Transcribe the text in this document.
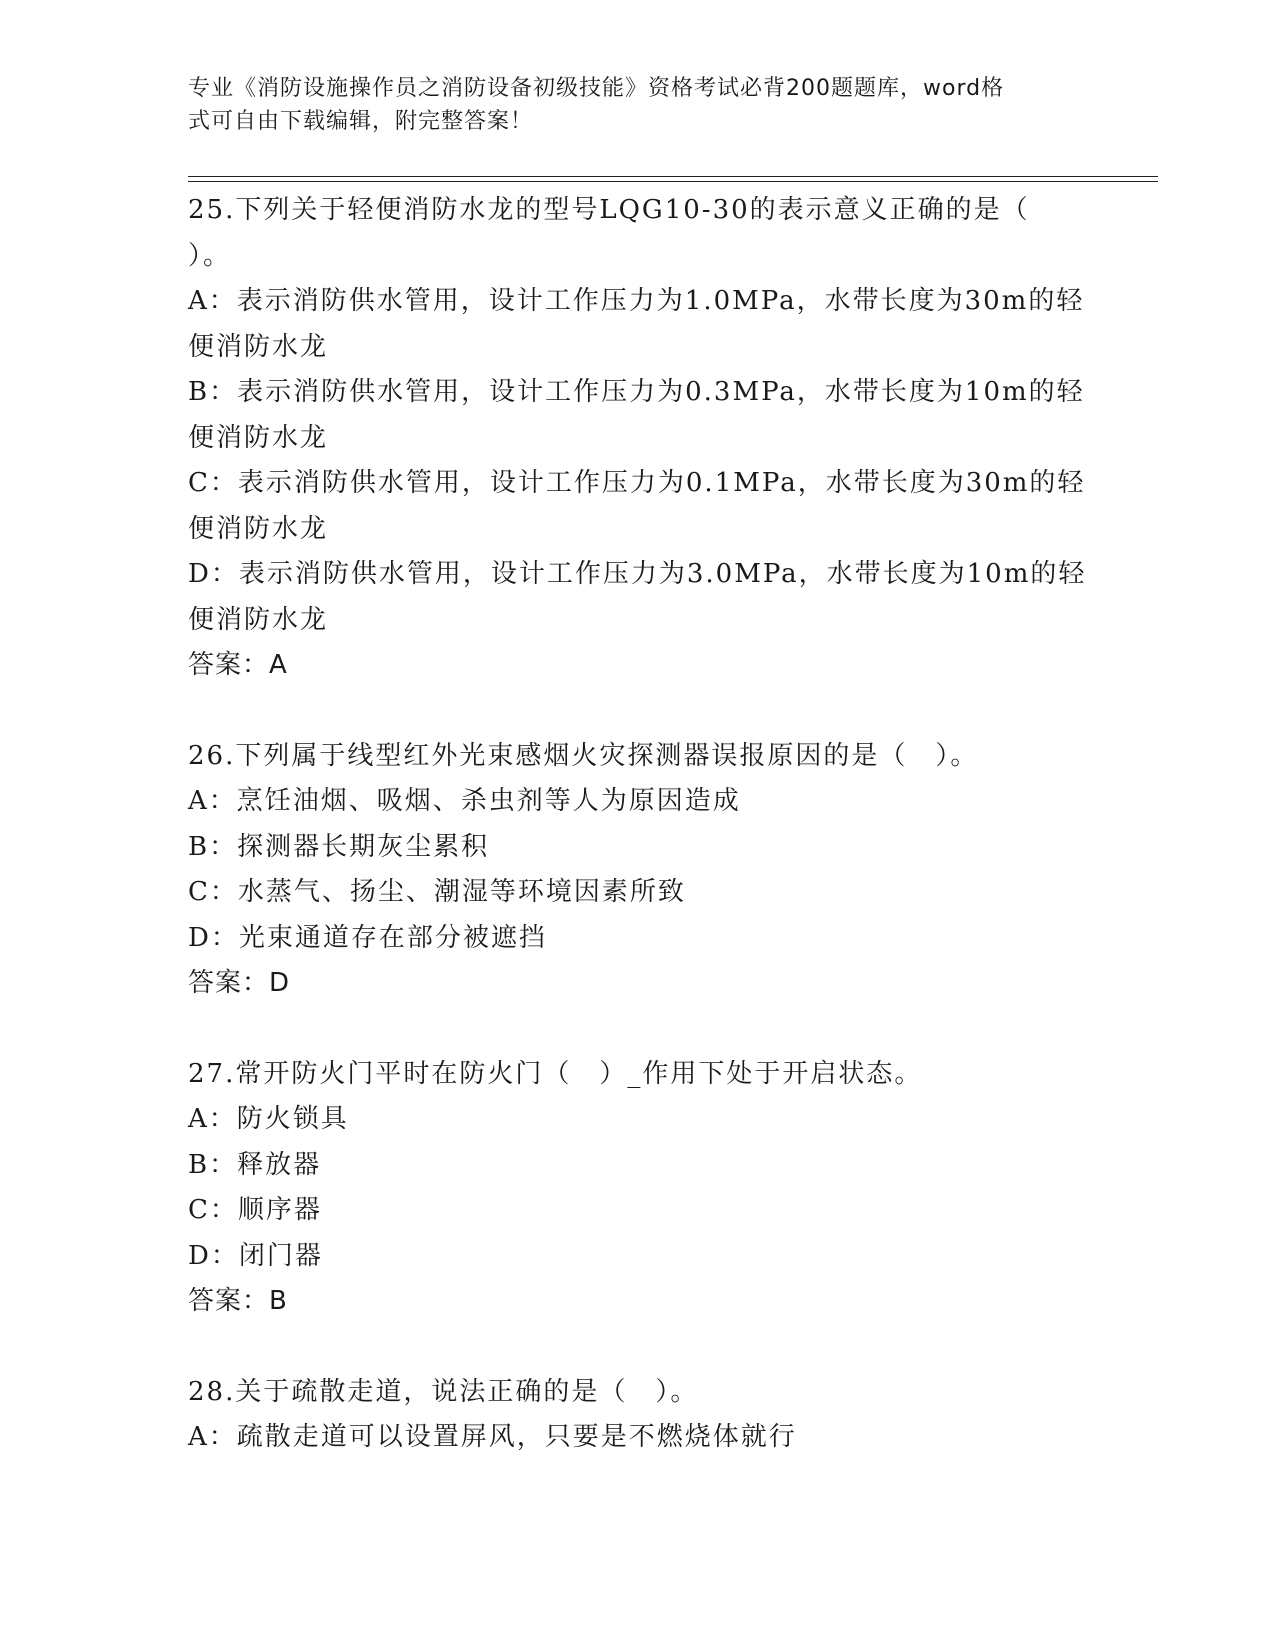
专业《消防设施操作员之消防设备初级技能》资格考试必背200题题库，word格
式可自由下载编辑，附完整答案！
25.下列关于轻便消防水龙的型号LQG10-30的表示意义正确的是（
）。
A：表示消防供水管用，设计工作压力为1.0MPa，水带长度为30m的轻
便消防水龙
B：表示消防供水管用，设计工作压力为0.3MPa，水带长度为10m的轻
便消防水龙
C：表示消防供水管用，设计工作压力为0.1MPa，水带长度为30m的轻
便消防水龙
D：表示消防供水管用，设计工作压力为3.0MPa，水带长度为10m的轻
便消防水龙
答案：A
26.下列属于线型红外光束感烟火灾探测器误报原因的是（　）。
A：烹饪油烟、吸烟、杀虫剂等人为原因造成
B：探测器长期灰尘累积
C：水蒸气、扬尘、潮湿等环境因素所致
D：光束通道存在部分被遮挡
答案：D
27.常开防火门平时在防火门（　）_作用下处于开启状态。
A：防火锁具
B：释放器
C：顺序器
D：闭门器
答案：B
28.关于疏散走道，说法正确的是（　）。
A：疏散走道可以设置屏风，只要是不燃烧体就行
